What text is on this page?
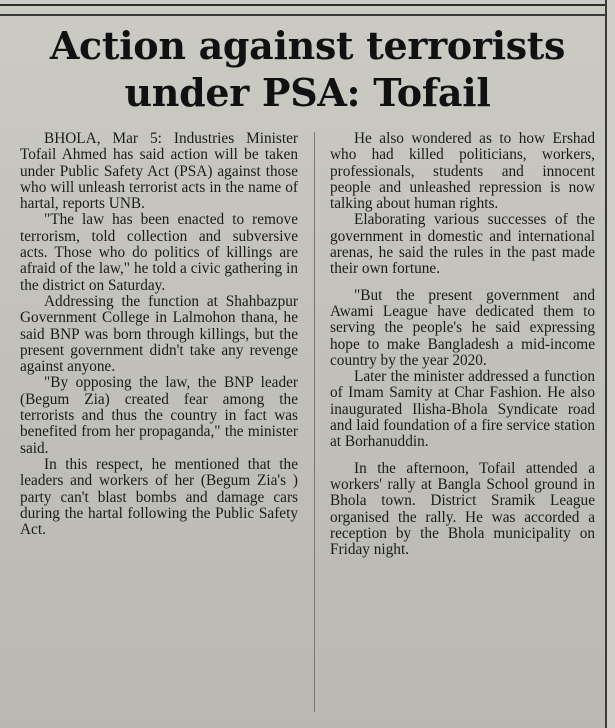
Action against terrorists
under PSA: Tofail

BHOLA, Mar 5: Industries Minister Tofail Ahmed has said action will be taken under Public Safety Act (PSA) against those who will unleash terrorist acts in the name of hartal, reports UNB.

"The law has been enacted to remove terrorism, told collection and subversive acts. Those who do politics of killings are afraid of the law," he told a civic gathering in the district on Saturday.

Addressing the function at Shahbazpur Government College in Lalmohon thana, he said BNP was born through killings, but the present government didn't take any revenge against anyone.

"By opposing the law, the BNP leader (Begum Zia) created fear among the terrorists and thus the country in fact was benefited from her propaganda," the minister said.

In this respect, he mentioned that the leaders and workers of her (Begum Zia's ) party can't blast bombs and damage cars during the hartal following the Public Safety Act.

He also wondered as to how Ershad who had killed politicians, workers, professionals, students and innocent people and unleashed repression is now talking about human rights.

Elaborating various successes of the government in domestic and international arenas, he said the rules in the past made their own fortune.

"But the present government and Awami League have dedicated them to serving the people's he said expressing hope to make Bangladesh a mid-income country by the year 2020.

Later the minister addressed a function of Imam Samity at Char Fashion. He also inaugurated Ilisha-Bhola Syndicate road and laid foundation of a fire service station at Borhanuddin.

In the afternoon, Tofail attended a workers' rally at Bangla School ground in Bhola town. District Sramik League organised the rally. He was accorded a reception by the Bhola municipality on Friday night.
